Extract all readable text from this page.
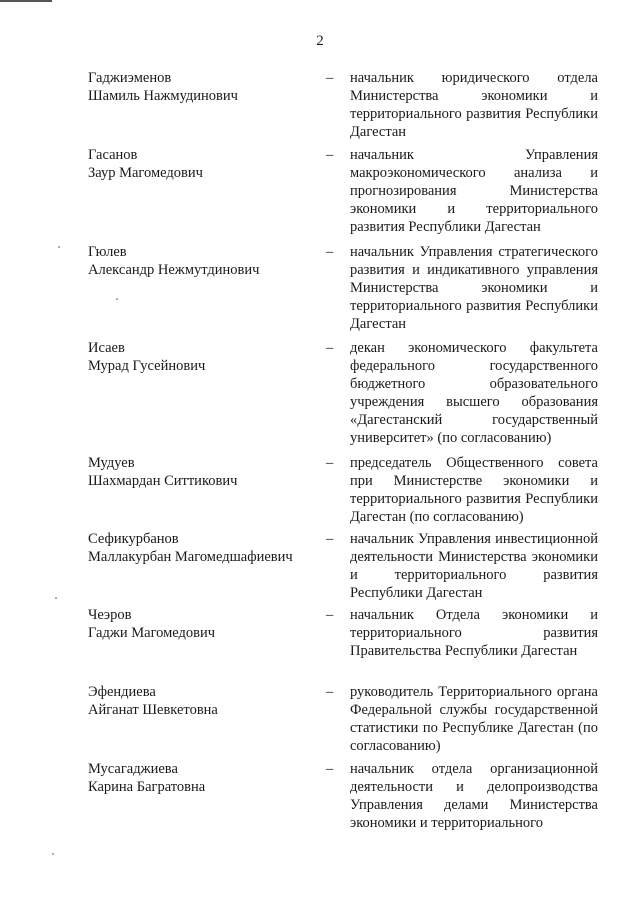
2
Гаджиэменов
Шамиль Нажмудинович
– начальник юридического отдела Министерства экономики и территориального развития Республики Дагестан
Гасанов
Заур Магомедович
– начальник Управления макроэкономического анализа и прогнозирования Министерства экономики и территориального развития Республики Дагестан
Гюлев
Александр Нежмутдинович
– начальник Управления стратегического развития и индикативного управления Министерства экономики и территориального развития Республики Дагестан
Исаев
Мурад Гусейнович
– декан экономического факультета федерального государственного бюджетного образовательного учреждения высшего образования «Дагестанский государственный университет» (по согласованию)
Мудуев
Шахмардан Ситтикович
– председатель Общественного совета при Министерстве экономики и территориального развития Республики Дагестан (по согласованию)
Сефикурбанов
Маллакурбан Магомедшафиевич
– начальник Управления инвестиционной деятельности Министерства экономики и территориального развития Республики Дагестан
Чеэров
Гаджи Магомедович
– начальник Отдела экономики и территориального развития Правительства Республики Дагестан
Эфендиева
Айганат Шевкетовна
– руководитель Территориального органа Федеральной службы государственной статистики по Республике Дагестан (по согласованию)
Мусагаджиева
Карина Багратовна
– начальник отдела организационной деятельности и делопроизводства Управления делами Министерства экономики и территориального
